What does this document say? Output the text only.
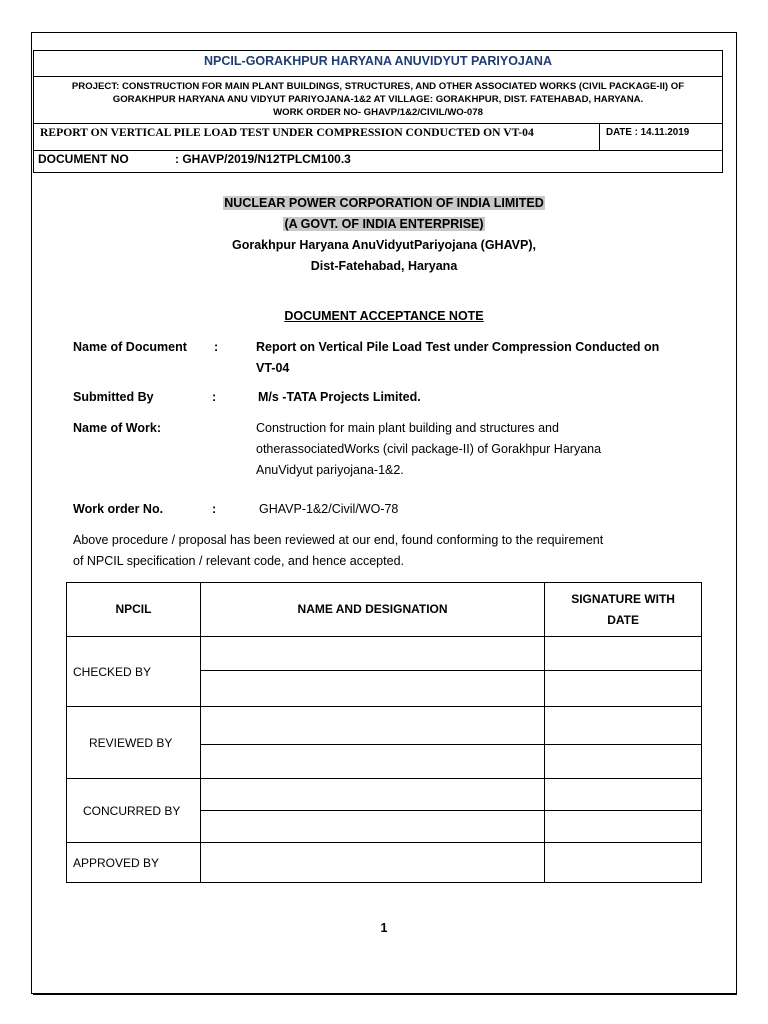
NPCIL-GORAKHPUR HARYANA ANUVIDYUT PARIYOJANA
PROJECT: CONSTRUCTION FOR MAIN PLANT BUILDINGS, STRUCTURES, AND OTHER ASSOCIATED WORKS (CIVIL PACKAGE-II) OF
GORAKHPUR HARYANA ANU VIDYUT PARIYOJANA-1&2 AT VILLAGE: GORAKHPUR, DIST. FATEHABAD, HARYANA.
WORK ORDER NO- GHAVP/1&2/CIVIL/WO-078
REPORT ON VERTICAL PILE LOAD TEST UNDER COMPRESSION CONDUCTED ON VT-04	DATE : 14.11.2019
DOCUMENT NO	: GHAVP/2019/N12TPLCM100.3
NUCLEAR POWER CORPORATION OF INDIA LIMITED
(A GOVT. OF INDIA ENTERPRISE)
Gorakhpur Haryana AnuVidyutPariyojana (GHAVP),
Dist-Fatehabad, Haryana
DOCUMENT ACCEPTANCE NOTE
Name of Document :	Report on Vertical Pile Load Test under Compression Conducted on
VT-04
Submitted By	:	M/s -TATA Projects Limited.
Name of Work:	Construction for main plant building and structures and
otherassociatedWorks (civil package-II) of Gorakhpur Haryana
AnuVidyut pariyojana-1&2.
Work order No.	:	GHAVP-1&2/Civil/WO-78
Above procedure / proposal has been reviewed at our end, found conforming to the requirement
of NPCIL specification / relevant code, and hence accepted.
NPCIL	NAME AND DESIGNATION	SIGNATURE WITH
DATE

CHECKED BY		

REVIEWED BY		

CONCURRED BY		

APPROVED BY		
1
